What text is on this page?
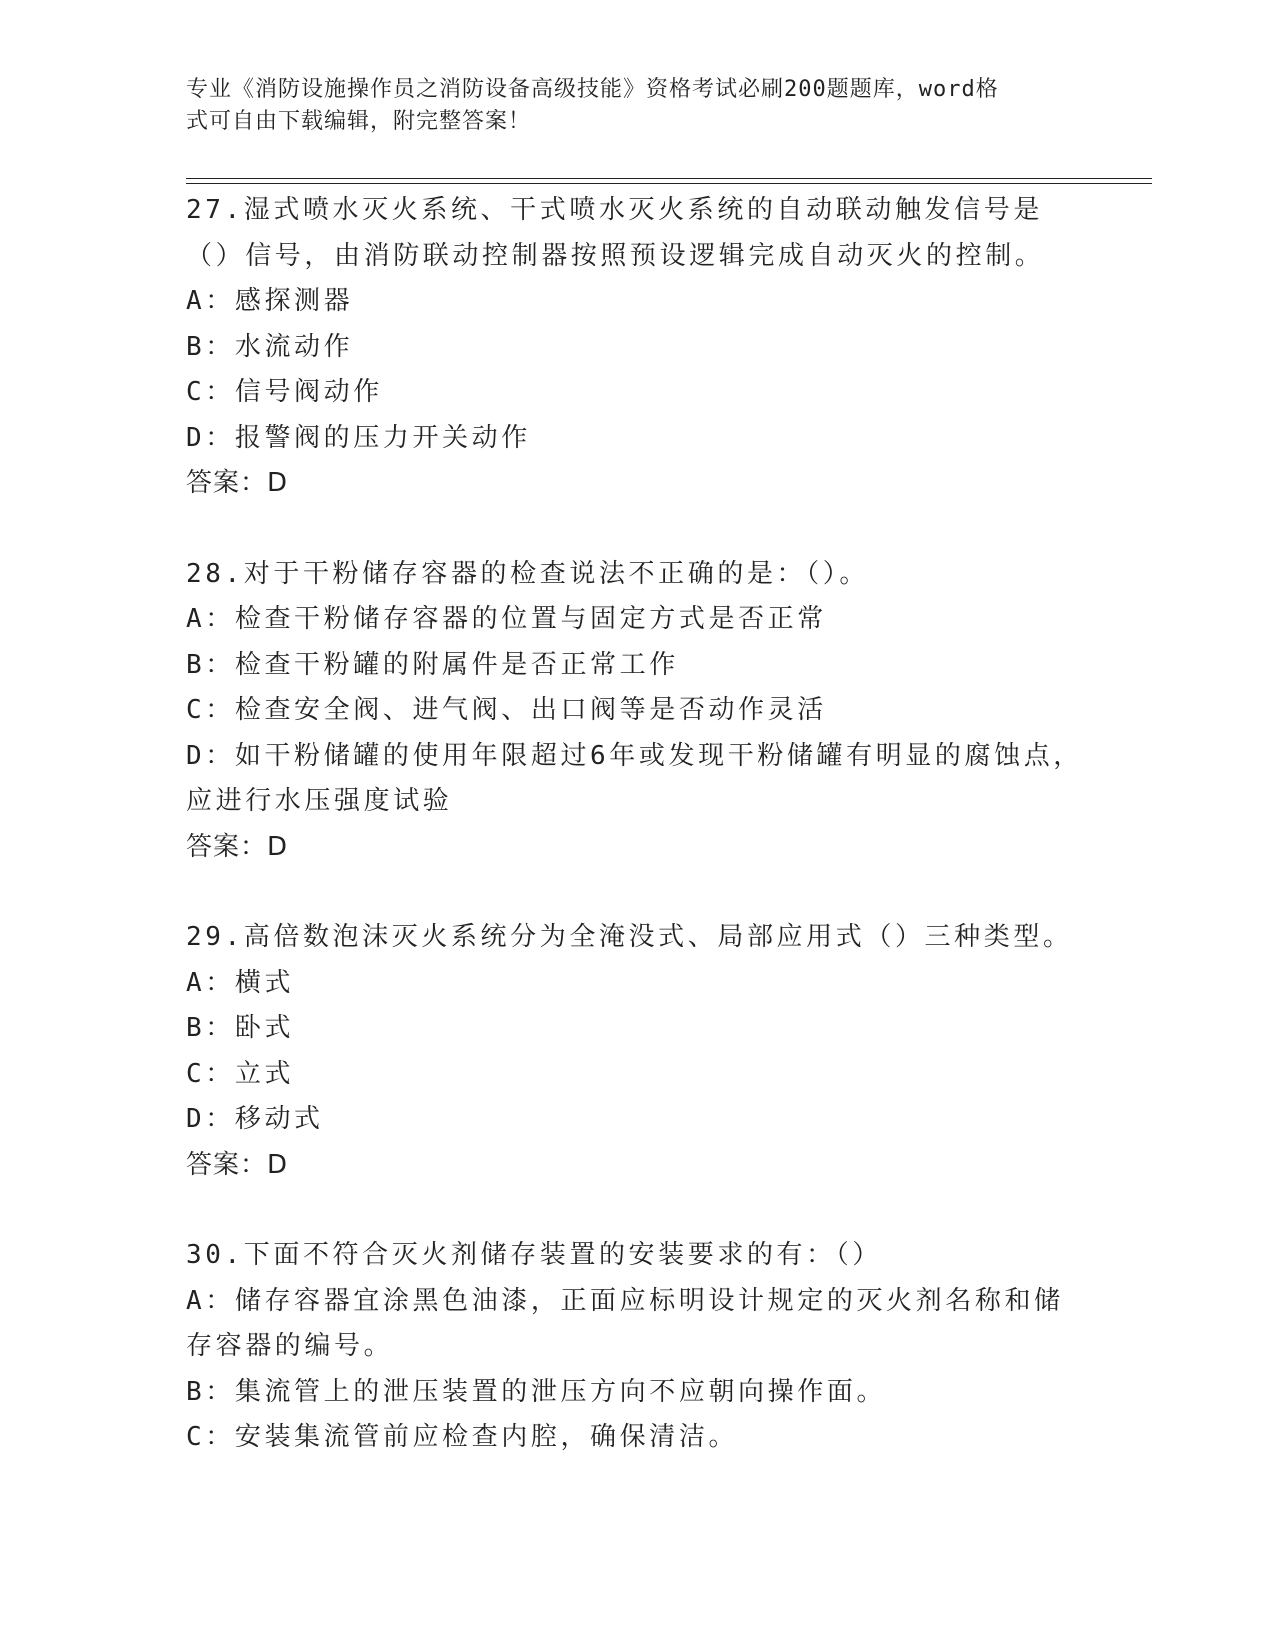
专业《消防设施操作员之消防设备高级技能》资格考试必刷200题题库，word格
式可自由下载编辑，附完整答案！

27.湿式喷水灭火系统、干式喷水灭火系统的自动联动触发信号是（）信号，由消防联动控制器按照预设逻辑完成自动灭火的控制。

A：感探测器

B：水流动作

C：信号阀动作

D：报警阀的压力开关动作

答案：D

28.对于干粉储存容器的检查说法不正确的是：（）。

A：检查干粉储存容器的位置与固定方式是否正常

B：检查干粉罐的附属件是否正常工作

C：检查安全阀、进气阀、出口阀等是否动作灵活

D：如干粉储罐的使用年限超过6年或发现干粉储罐有明显的腐蚀点，应进行水压强度试验

答案：D

29.高倍数泡沫灭火系统分为全淹没式、局部应用式（）三种类型。

A：横式

B：卧式

C：立式

D：移动式

答案：D

30.下面不符合灭火剂储存装置的安装要求的有：（）

A：储存容器宜涂黑色油漆，正面应标明设计规定的灭火剂名称和储存容器的编号。

B：集流管上的泄压装置的泄压方向不应朝向操作面。

C：安装集流管前应检查内腔，确保清洁。
